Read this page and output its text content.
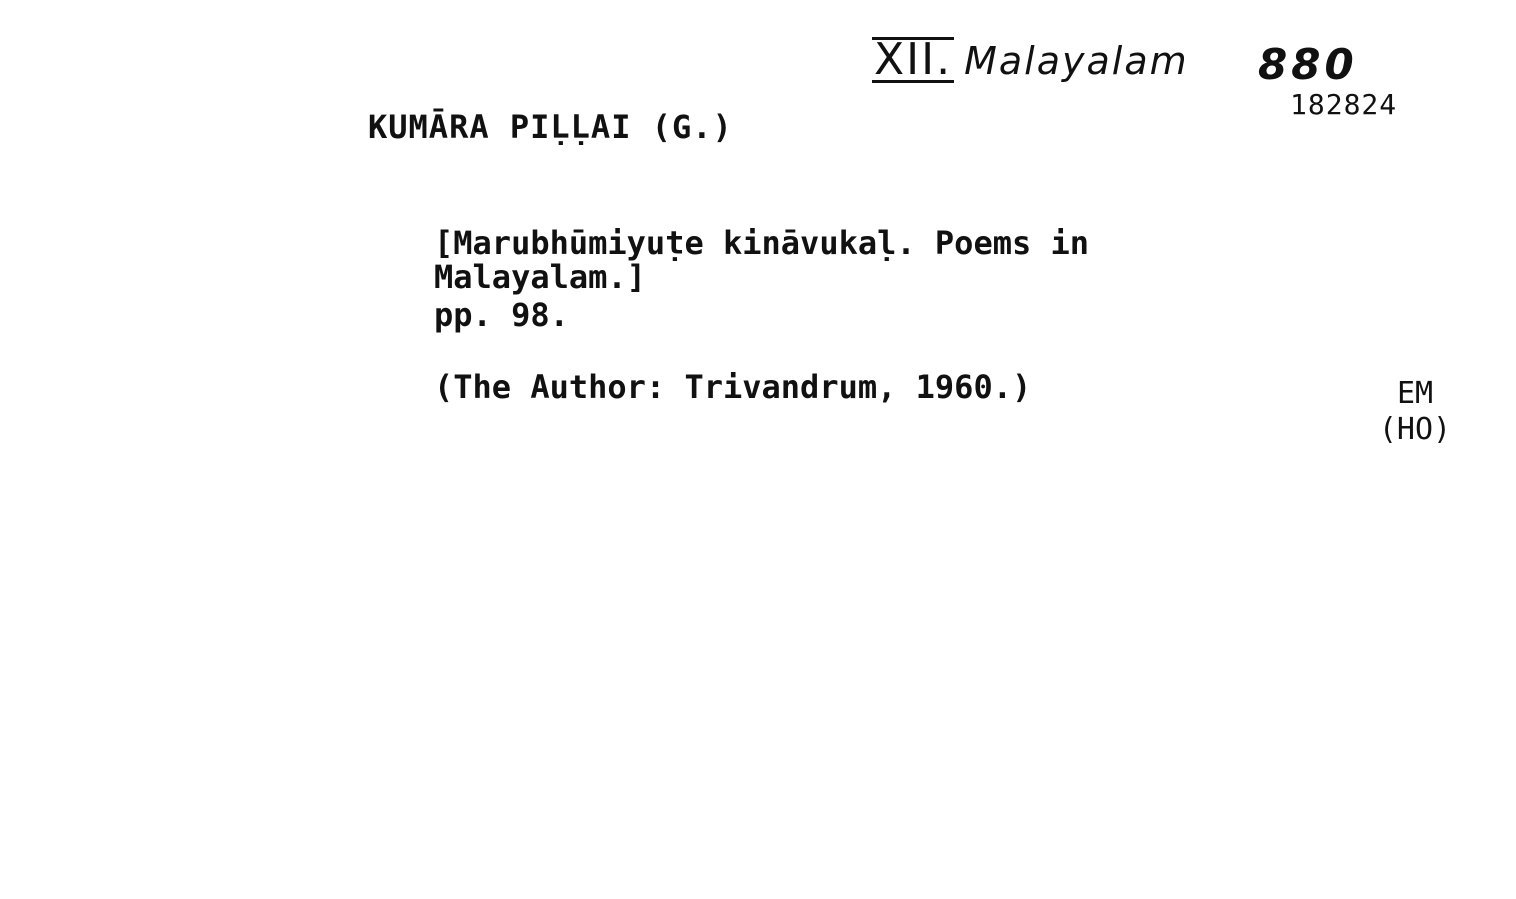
XII. Malayalam 880
182824
KUMĀRA PIḶḶAI (G.)
[Marubhūmiyuṭe kināvukaḷ. Poems in
Malayalam.]
pp. 98.
(The Author: Trivandrum, 1960.)	EM
(HO)
